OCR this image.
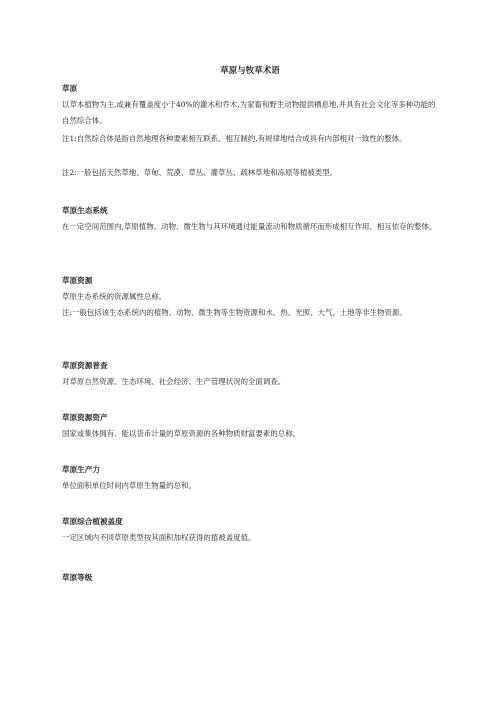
草原与牧草术语
草原

以草本植物为主,或兼有覆盖度小于40%的灌木和乔木,为家畜和野生动物提供栖息地,并具有社会文化等多种功能的自然综合体。

注1:自然综合体是指自然地理各种要素相互联系、相互制约,有规律地结合成具有内部相对一致性的整体。

注2:一般包括天然草地、草甸、荒漠、草丛、灌草丛、疏林草地和冻原等植被类型。

草原生态系统

在一定空间范围内,草原植物、动物、微生物与其环境通过能量流动和物质循环而形成相互作用、相互依存的整体。

草原资源

草原生态系统的资源属性总称。

注:一般包括该生态系统内的植物、动物、微生物等生物资源和水、热、光照、大气、土地等非生物资源。

草原资源普查

对草原自然资源、生态环境、社会经济、生产管理状况的全面调查。

草原资源资产

国家或集体拥有、能以货币计量的草原资源的各种物质财富要素的总称。

草原生产力

单位面积单位时间内草原生物量的总和。

草原综合植被盖度

一定区域内不同草原类型按其面积加权获得的植被盖度值。

草原等级
